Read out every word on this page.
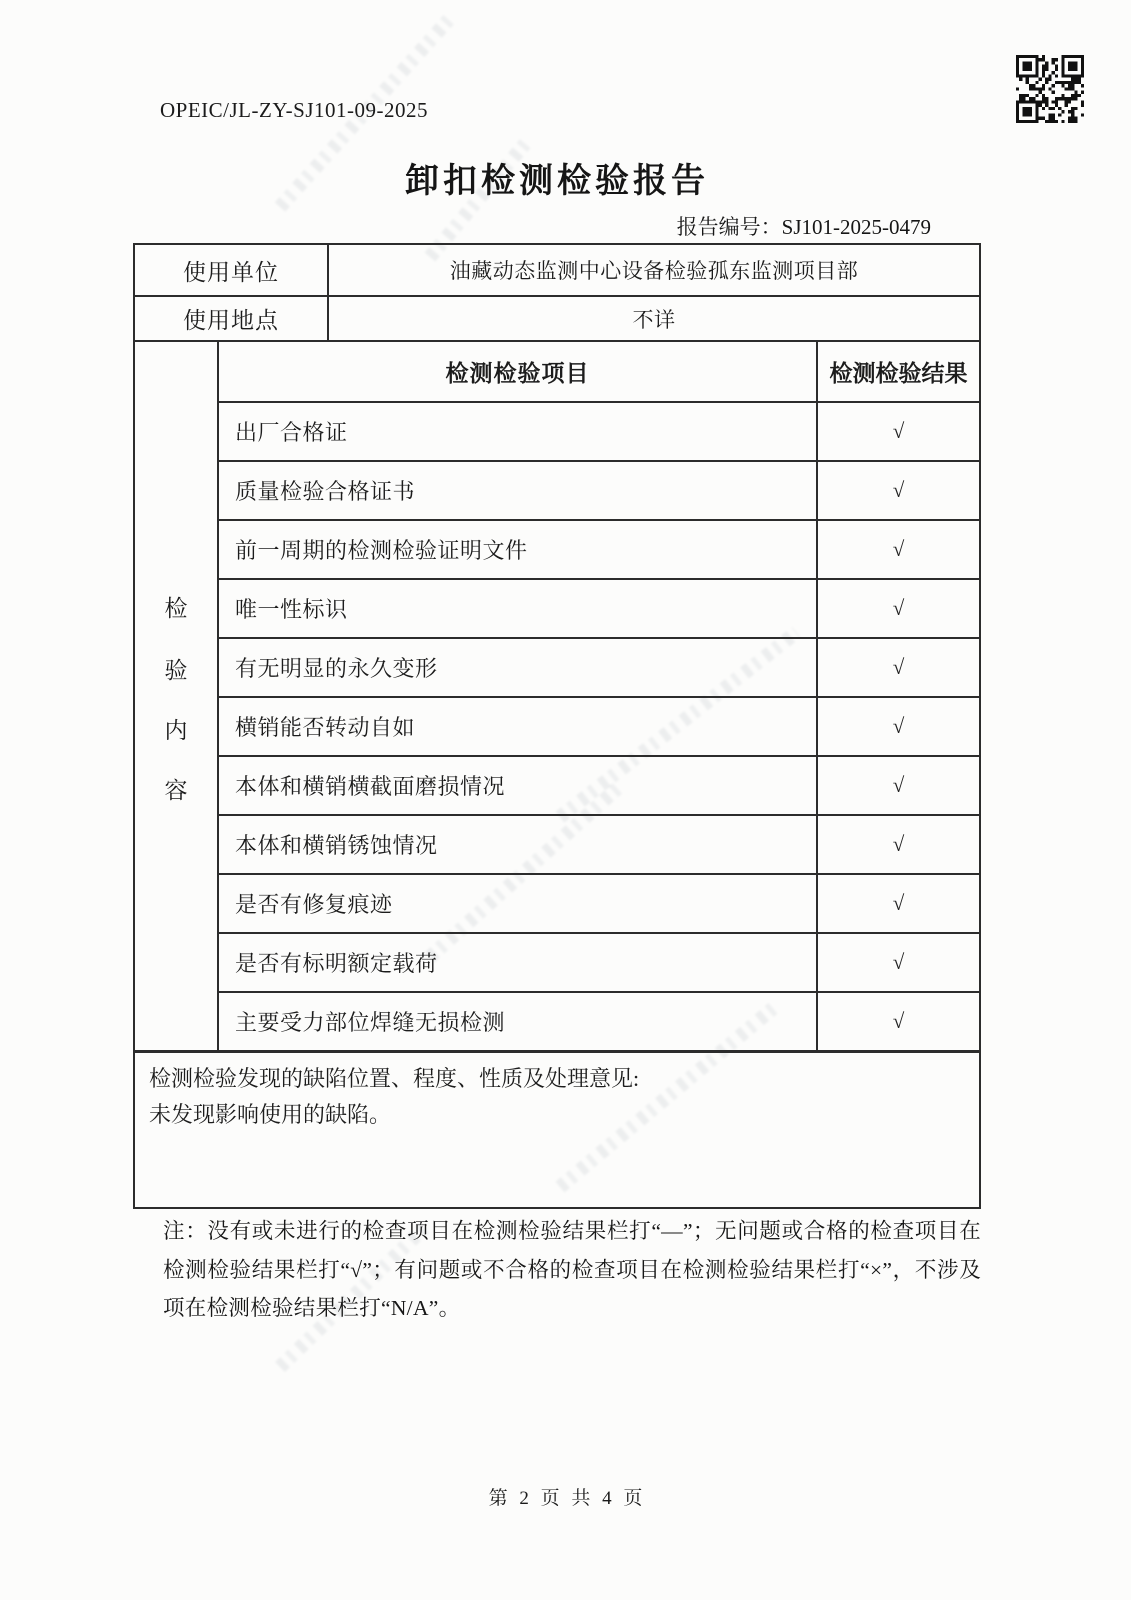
OPEIC/JL-ZY-SJ101-09-2025
卸扣检测检验报告
报告编号：SJ101-2025-0479
使用单位	油藏动态监测中心设备检验孤东监测项目部
使用地点	不详
检
验
内
容
检测检验项目	检测检验结果
出厂合格证	√
质量检验合格证书	√
前一周期的检测检验证明文件	√
唯一性标识	√
有无明显的永久变形	√
横销能否转动自如	√
本体和横销横截面磨损情况	√
本体和横销锈蚀情况	√
是否有修复痕迹	√
是否有标明额定载荷	√
主要受力部位焊缝无损检测	√
检测检验发现的缺陷位置、程度、性质及处理意见:
未发现影响使用的缺陷。
注：没有或未进行的检查项目在检测检验结果栏打“—”；无问题或合格的检查项目在检测检验结果栏打“√”；有问题或不合格的检查项目在检测检验结果栏打“×”，不涉及项在检测检验结果栏打“N/A”。
第 2 页 共 4 页
